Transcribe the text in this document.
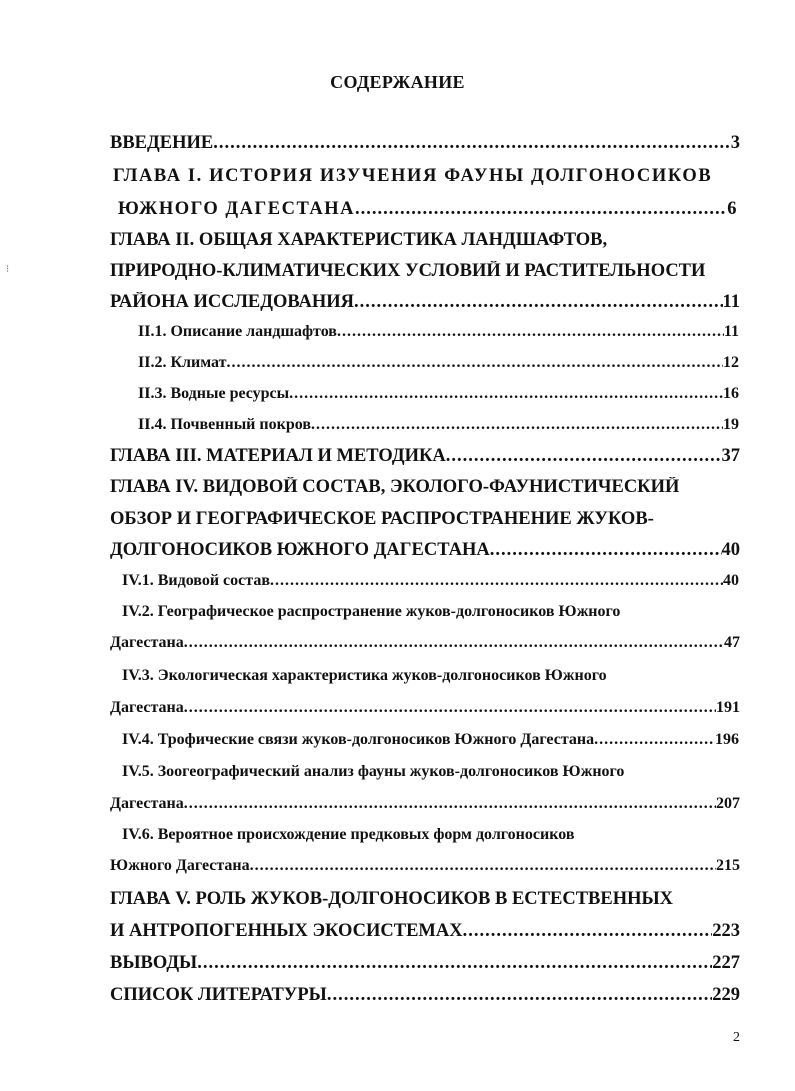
СОДЕРЖАНИЕ
⁝
ВВЕДЕНИЕ .....	3
ГЛАВА I. ИСТОРИЯ ИЗУЧЕНИЯ ФАУНЫ ДОЛГОНОСИКОВ
ЮЖНОГО ДАГЕСТАНА .....	6
ГЛАВА II. ОБЩАЯ ХАРАКТЕРИСТИКА ЛАНДШАФТОВ,
ПРИРОДНО-КЛИМАТИЧЕСКИХ УСЛОВИЙ И РАСТИТЕЛЬНОСТИ
РАЙОНА ИССЛЕДОВАНИЯ .....	11
II.1. Описание ландшафтов .....	11
II.2. Климат .....	12
II.3. Водные ресурсы .....	16
II.4. Почвенный покров .....	19
ГЛАВА III. МАТЕРИАЛ И МЕТОДИКА .....	37
ГЛАВА IV. ВИДОВОЙ СОСТАВ, ЭКОЛОГО-ФАУНИСТИЧЕСКИЙ
ОБЗОР И ГЕОГРАФИЧЕСКОЕ РАСПРОСТРАНЕНИЕ ЖУКОВ-
ДОЛГОНОСИКОВ ЮЖНОГО ДАГЕСТАНА .....	40
IV.1. Видовой состав .....	40
IV.2. Географическое распространение жуков-долгоносиков Южного
Дагестана .....	47
IV.3. Экологическая характеристика жуков-долгоносиков Южного
Дагестана .....	191
IV.4. Трофические связи жуков-долгоносиков Южного Дагестана .....	196
IV.5. Зоогеографический анализ фауны жуков-долгоносиков Южного
Дагестана .....	207
IV.6. Вероятное происхождение предковых форм долгоносиков
Южного Дагестана .....	215
ГЛАВА V. РОЛЬ ЖУКОВ-ДОЛГОНОСИКОВ В ЕСТЕСТВЕННЫХ
И АНТРОПОГЕННЫХ ЭКОСИСТЕМАХ .....	223
ВЫВОДЫ .....	227
СПИСОК ЛИТЕРАТУРЫ .....	229
2
